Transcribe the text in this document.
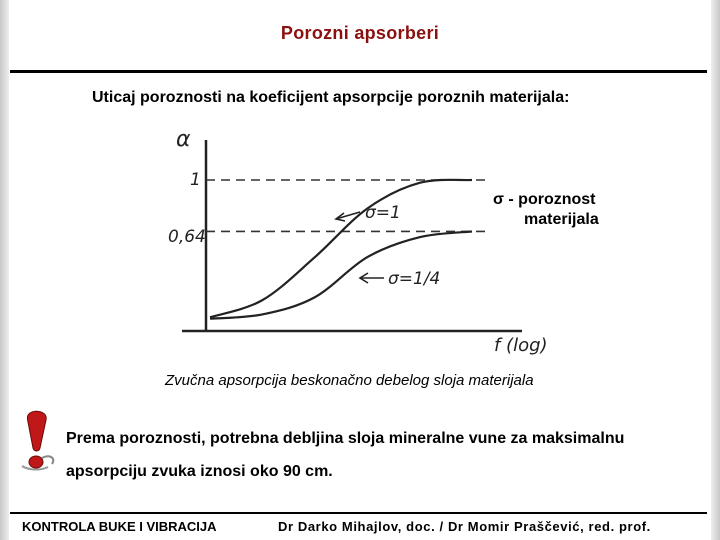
Porozni apsorberi
Uticaj poroznosti na koeficijent apsorpcije poroznih materijala:
α
1
0,64
σ=1
σ=1/4
f (log)
σ - poroznost
materijala
Zvučna apsorpcija beskonačno debelog sloja materijala
Prema poroznosti, potrebna debljina sloja mineralne vune za maksimalnu apsorpciju zvuka iznosi oko 90 cm.
KONTROLA BUKE I VIBRACIJA	Dr Darko Mihajlov, doc. / Dr Momir Praščević, red. prof.
